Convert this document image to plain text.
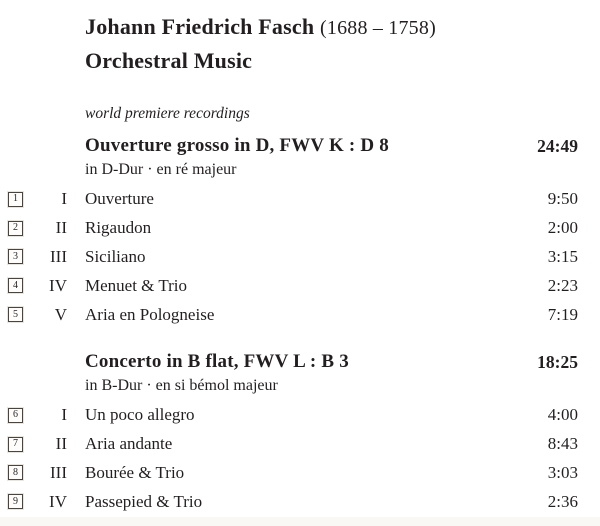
Johann Friedrich Fasch (1688 – 1758)
Orchestral Music
world premiere recordings
Ouverture grosso in D, FWV K : D 8	24:49
in D-Dur · en ré majeur
1	I	Ouverture	9:50
2	II	Rigaudon	2:00
3	III	Siciliano	3:15
4	IV	Menuet & Trio	2:23
5	V	Aria en Pologneise	7:19
Concerto in B flat, FWV L : B 3	18:25
in B-Dur · en si bémol majeur
6	I	Un poco allegro	4:00
7	II	Aria andante	8:43
8	III	Bourée & Trio	3:03
9	IV	Passepied & Trio	2:36
